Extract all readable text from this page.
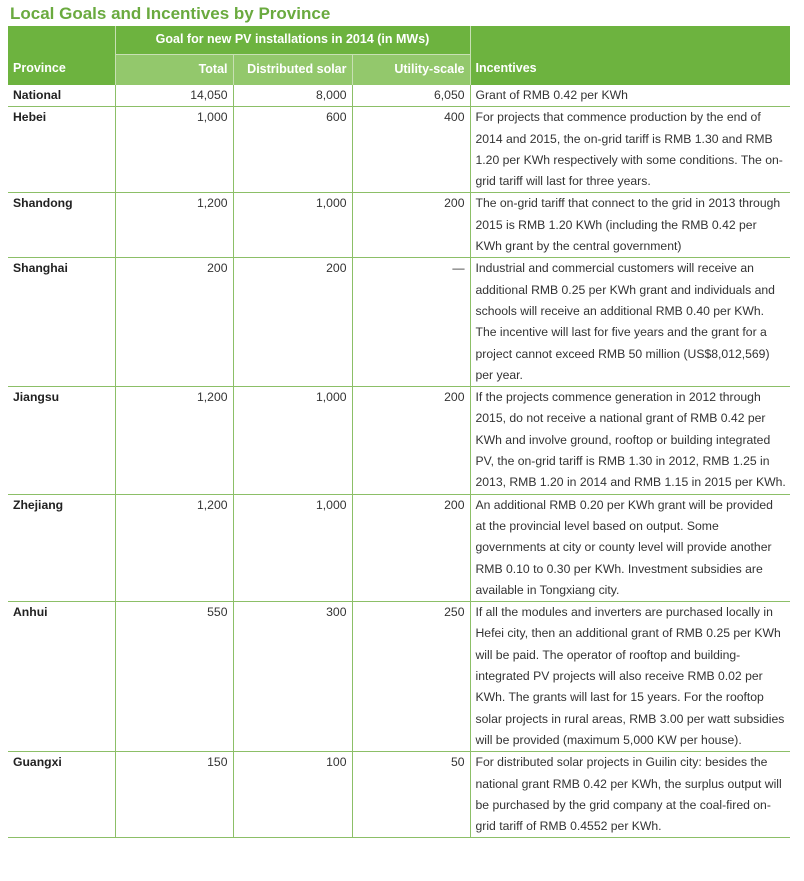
Local Goals and Incentives by Province
Province	Goal for new PV installations in 2014 (in MWs)			Incentives
	Total	Distributed solar	Utility-scale	
National	14,050	8,000	6,050	Grant of RMB 0.42 per KWh
Hebei	1,000	600	400	For projects that commence production by the end of 2014 and 2015, the on-grid tariff is RMB 1.30 and RMB 1.20 per KWh respectively with some conditions. The on-grid tariff will last for three years.
Shandong	1,200	1,000	200	The on-grid tariff that connect to the grid in 2013 through 2015 is RMB 1.20 KWh (including the RMB 0.42 per KWh grant by the central government)
Shanghai	200	200	—	Industrial and commercial customers will receive an additional RMB 0.25 per KWh grant and individuals and schools will receive an additional RMB 0.40 per KWh. The incentive will last for five years and the grant for a project cannot exceed RMB 50 million (US$8,012,569) per year.
Jiangsu	1,200	1,000	200	If the projects commence generation in 2012 through 2015, do not receive a national grant of RMB 0.42 per KWh and involve ground, rooftop or building integrated PV, the on-grid tariff is RMB 1.30 in 2012, RMB 1.25 in 2013, RMB 1.20 in 2014 and RMB 1.15 in 2015 per KWh.
Zhejiang	1,200	1,000	200	An additional RMB 0.20 per KWh grant will be provided at the provincial level based on output. Some governments at city or county level will provide another RMB 0.10 to 0.30 per KWh. Investment subsidies are available in Tongxiang city.
Anhui	550	300	250	If all the modules and inverters are purchased locally in Hefei city, then an additional grant of RMB 0.25 per KWh will be paid. The operator of rooftop and building-integrated PV projects will also receive RMB 0.02 per KWh. The grants will last for 15 years. For the rooftop solar projects in rural areas, RMB 3.00 per watt subsidies will be provided (maximum 5,000 KW per house).
Guangxi	150	100	50	For distributed solar projects in Guilin city: besides the national grant RMB 0.42 per KWh, the surplus output will be purchased by the grid company at the coal-fired on-grid tariff of RMB 0.4552 per KWh.
